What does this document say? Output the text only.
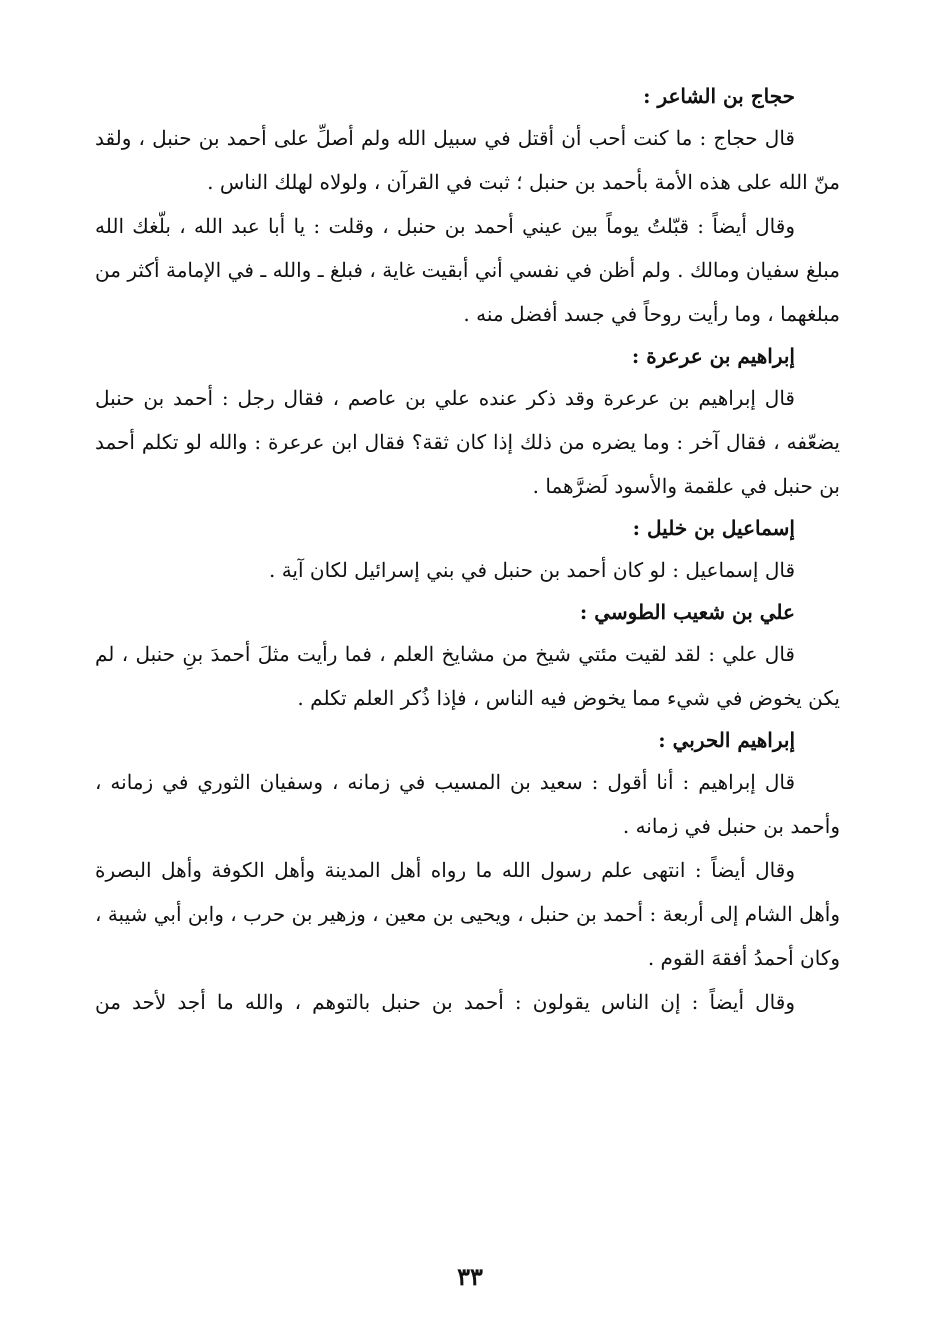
حجاج بن الشاعر :

قال حجاج : ما كنت أحب أن أقتل في سبيل الله ولم أصلِّ على أحمد بن حنبل ، ولقد منّ الله على هذه الأمة بأحمد بن حنبل ؛ ثبت في القرآن ، ولولاه لهلك الناس .

وقال أيضاً : قبّلتُ يوماً بين عيني أحمد بن حنبل ، وقلت : يا أبا عبد الله ، بلّغك الله مبلغ سفيان ومالك . ولم أظن في نفسي أني أبقيت غاية ، فبلغ ـ والله ـ في الإمامة أكثر من مبلغهما ، وما رأيت روحاً في جسد أفضل منه .

إبراهيم بن عرعرة :

قال إبراهيم بن عرعرة وقد ذكر عنده علي بن عاصم ، فقال رجل : أحمد بن حنبل يضعّفه ، فقال آخر : وما يضره من ذلك إذا كان ثقة؟ فقال ابن عرعرة : والله لو تكلم أحمد بن حنبل في علقمة والأسود لَضرَّهما .

إسماعيل بن خليل :

قال إسماعيل : لو كان أحمد بن حنبل في بني إسرائيل لكان آية .

علي بن شعيب الطوسي :

قال علي : لقد لقيت مئتي شيخ من مشايخ العلم ، فما رأيت مثلَ أحمدَ بنِ حنبل ، لم يكن يخوض في شيء مما يخوض فيه الناس ، فإذا ذُكر العلم تكلم .

إبراهيم الحربي :

قال إبراهيم : أنا أقول : سعيد بن المسيب في زمانه ، وسفيان الثوري في زمانه ، وأحمد بن حنبل في زمانه .

وقال أيضاً : انتهى علم رسول الله ما رواه أهل المدينة وأهل الكوفة وأهل البصرة وأهل الشام إلى أربعة : أحمد بن حنبل ، ويحيى بن معين ، وزهير بن حرب ، وابن أبي شيبة ، وكان أحمدُ أفقهَ القوم .

وقال أيضاً : إن الناس يقولون : أحمد بن حنبل بالتوهم ، والله ما أجد لأحد من

٣٣
